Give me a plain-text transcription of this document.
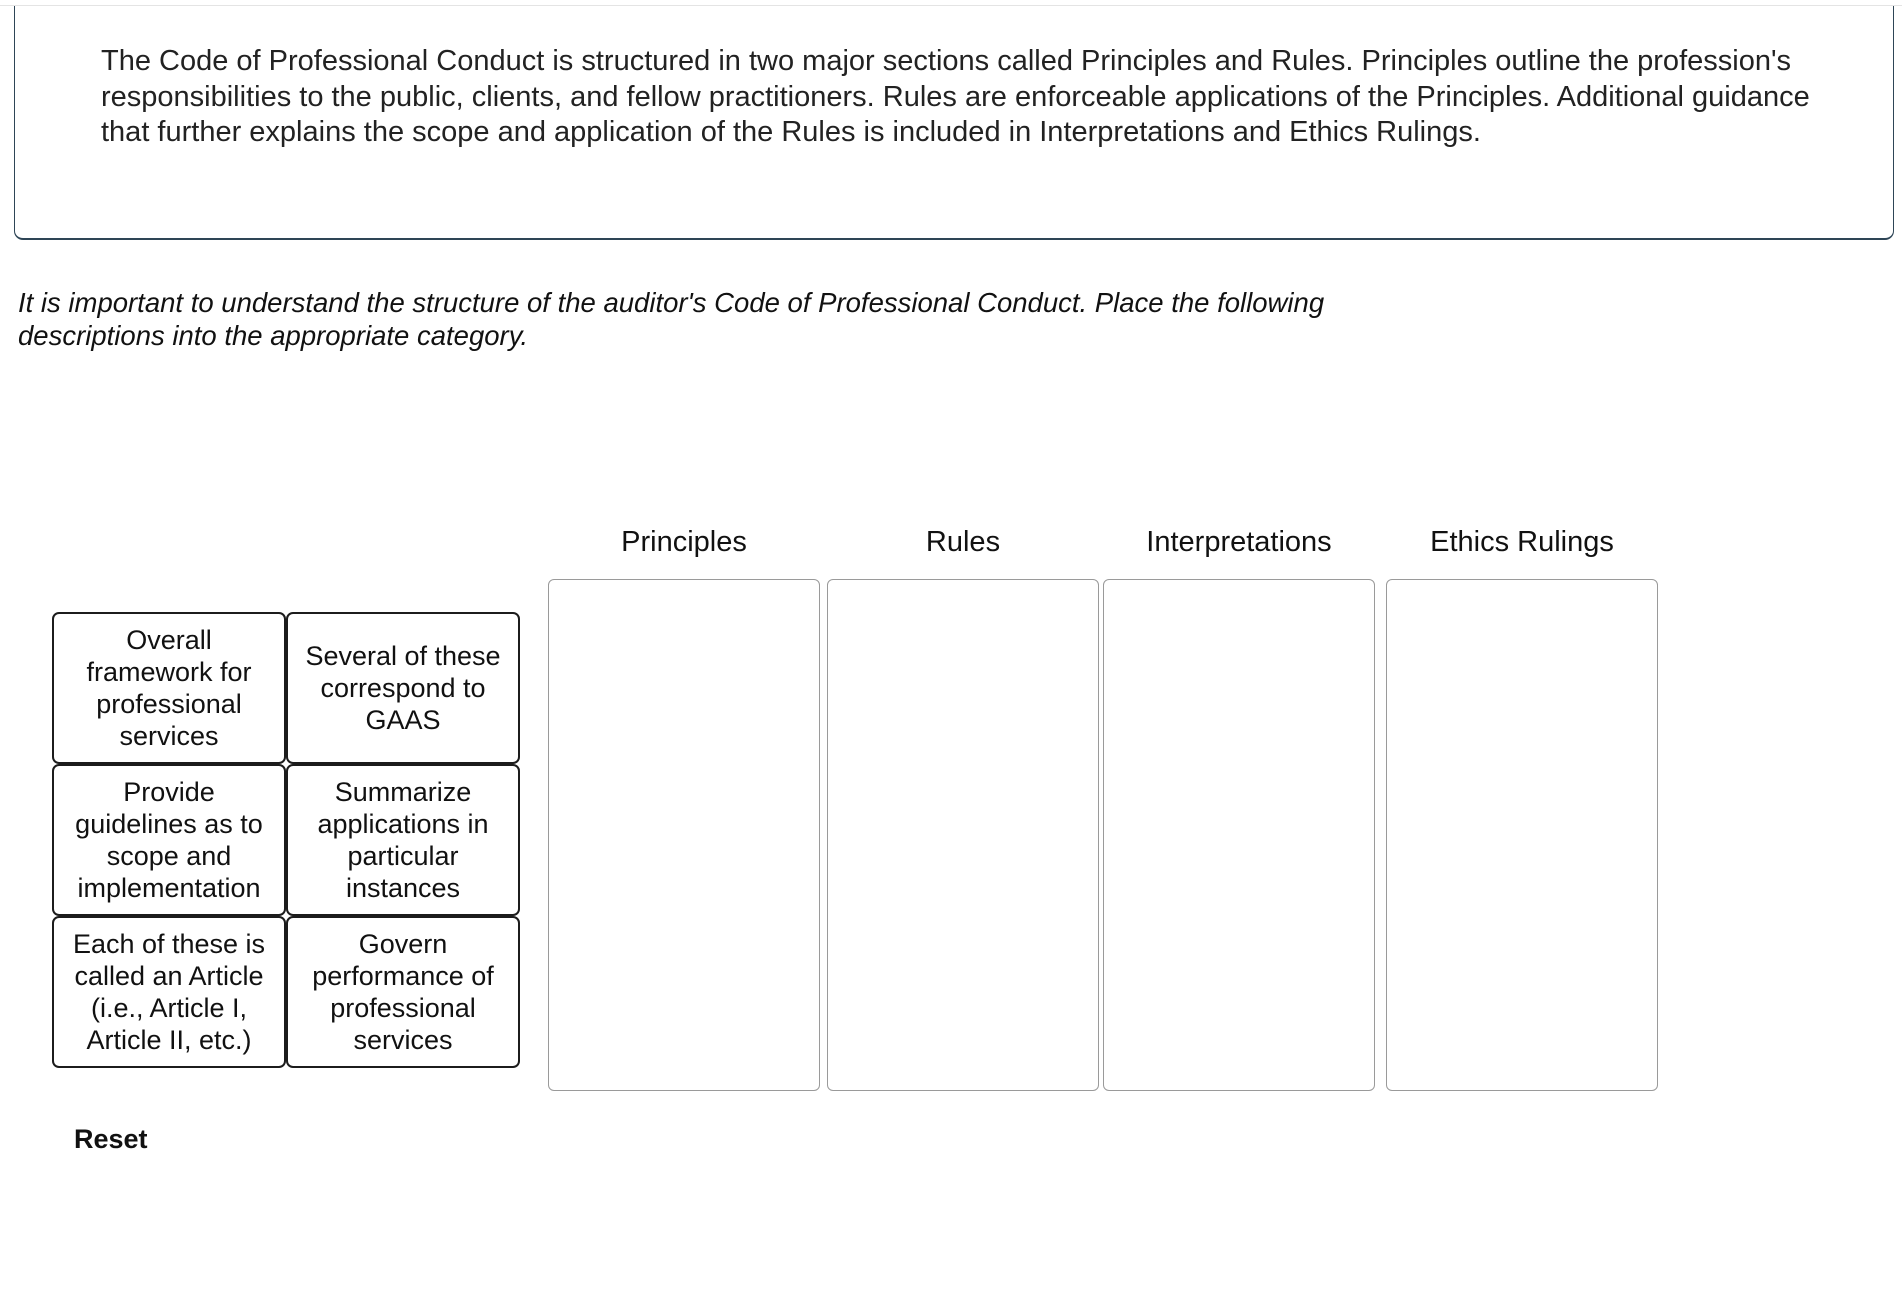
The Code of Professional Conduct is structured in two major sections called Principles and Rules. Principles outline the profession's responsibilities to the public, clients, and fellow practitioners. Rules are enforceable applications of the Principles. Additional guidance that further explains the scope and application of the Rules is included in Interpretations and Ethics Rulings.

It is important to understand the structure of the auditor's Code of Professional Conduct. Place the following descriptions into the appropriate category.

Principles	Rules	Interpretations	Ethics Rulings
Overall framework for professional services
Several of these correspond to GAAS
Provide guidelines as to scope and implementation
Summarize applications in particular instances
Each of these is called an Article (i.e., Article I, Article II, etc.)
Govern performance of professional services
Reset
